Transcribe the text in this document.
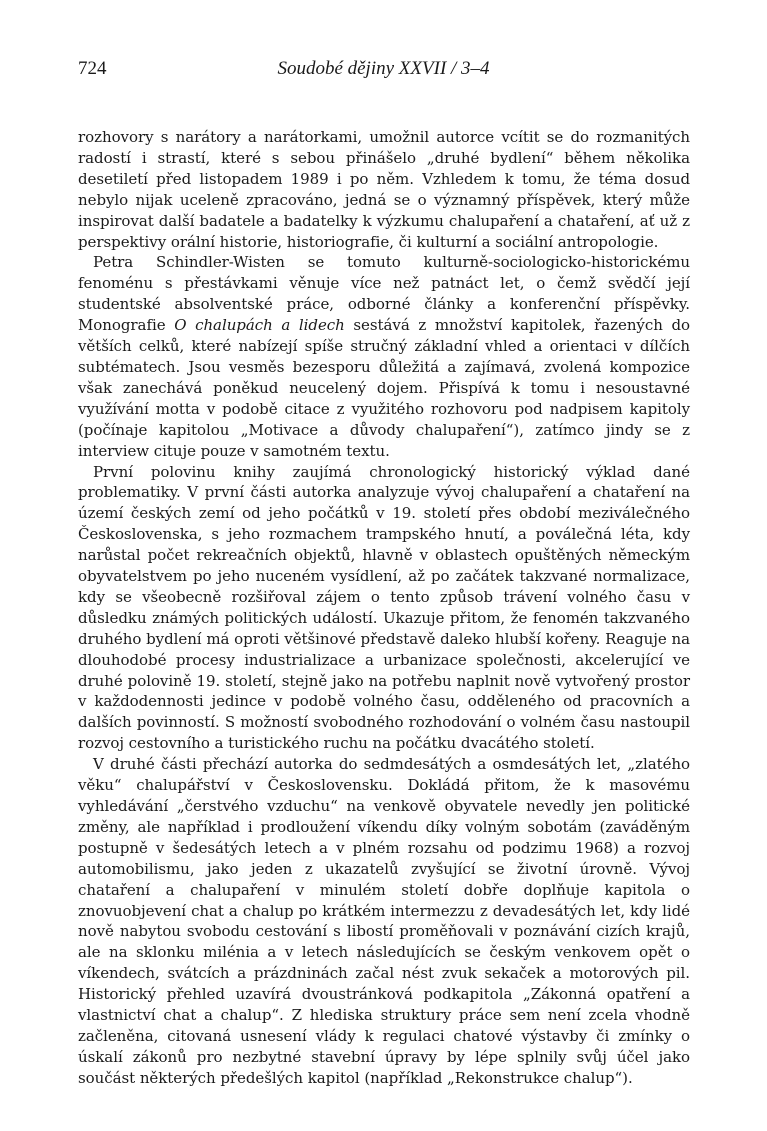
724	Soudobé dějiny XXVII / 3–4

rozhovory s narátory a narátorkami, umožnil autorce vcítit se do rozmanitých radostí i strastí, které s sebou přinášelo „druhé bydlení“ během několika desetiletí před listopadem 1989 i po něm. Vzhledem k tomu, že téma dosud nebylo nijak uceleně zpracováno, jedná se o významný příspěvek, který může inspirovat další badatele a badatelky k výzkumu chalupaření a chataření, ať už z perspektivy orální historie, historiografie, či kulturní a sociální antropologie.

Petra Schindler-Wisten se tomuto kulturně-sociologicko-historickému fenoménu s přestávkami věnuje více než patnáct let, o čemž svědčí její studentské absolventské práce, odborné články a konferenční příspěvky. Monografie O chalupách a lidech sestává z množství kapitolek, řazených do větších celků, které nabízejí spíše stručný základní vhled a orientaci v dílčích subtématech. Jsou vesměs bezesporu důležitá a zajímavá, zvolená kompozice však zanechává poněkud neucelený dojem. Přispívá k tomu i nesoustavné využívání motta v podobě citace z využitého rozhovoru pod nadpisem kapitoly (počínaje kapitolou „Motivace a důvody chalupaření“), zatímco jindy se z interview cituje pouze v samotném textu.

První polovinu knihy zaujímá chronologický historický výklad dané problematiky. V první části autorka analyzuje vývoj chalupaření a chataření na území českých zemí od jeho počátků v 19. století přes období meziválečného Československa, s jeho rozmachem trampského hnutí, a poválečná léta, kdy narůstal počet rekreačních objektů, hlavně v oblastech opuštěných německým obyvatelstvem po jeho nuceném vysídlení, až po začátek takzvané normalizace, kdy se všeobecně rozšiřoval zájem o tento způsob trávení volného času v důsledku známých politických událostí. Ukazuje přitom, že fenomén takzvaného druhého bydlení má oproti většinové představě daleko hlubší kořeny. Reaguje na dlouhodobé procesy industrializace a urbanizace společnosti, akcelerující ve druhé polovině 19. století, stejně jako na potřebu naplnit nově vytvořený prostor v každodennosti jedince v podobě volného času, odděleného od pracovních a dalších povinností. S možností svobodného rozhodování o volném času nastoupil rozvoj cestovního a turistického ruchu na počátku dvacátého století.

V druhé části přechází autorka do sedmdesátých a osmdesátých let, „zlatého věku“ chalupářství v Československu. Dokládá přitom, že k masovému vyhledávání „čerstvého vzduchu“ na venkově obyvatele nevedly jen politické změny, ale například i prodloužení víkendu díky volným sobotám (zaváděným postupně v šedesátých letech a v plném rozsahu od podzimu 1968) a rozvoj automobilismu, jako jeden z ukazatelů zvyšující se životní úrovně. Vývoj chataření a chalupaření v minulém století dobře doplňuje kapitola o znovuobjevení chat a chalup po krátkém intermezzu z devadesátých let, kdy lidé nově nabytou svobodu cestování s libostí proměňovali v poznávání cizích krajů, ale na sklonku milénia a v letech následujících se českým venkovem opět o víkendech, svátcích a prázdninách začal nést zvuk sekaček a motorových pil. Historický přehled uzavírá dvoustránková podkapitola „Zákonná opatření a vlastnictví chat a chalup“. Z hlediska struktury práce sem není zcela vhodně začleněna, citovaná usnesení vlády k regulaci chatové výstavby či zmínky o úskalí zákonů pro nezbytné stavební úpravy by lépe splnily svůj účel jako součást některých předešlých kapitol (například „Rekonstrukce chalup“).
